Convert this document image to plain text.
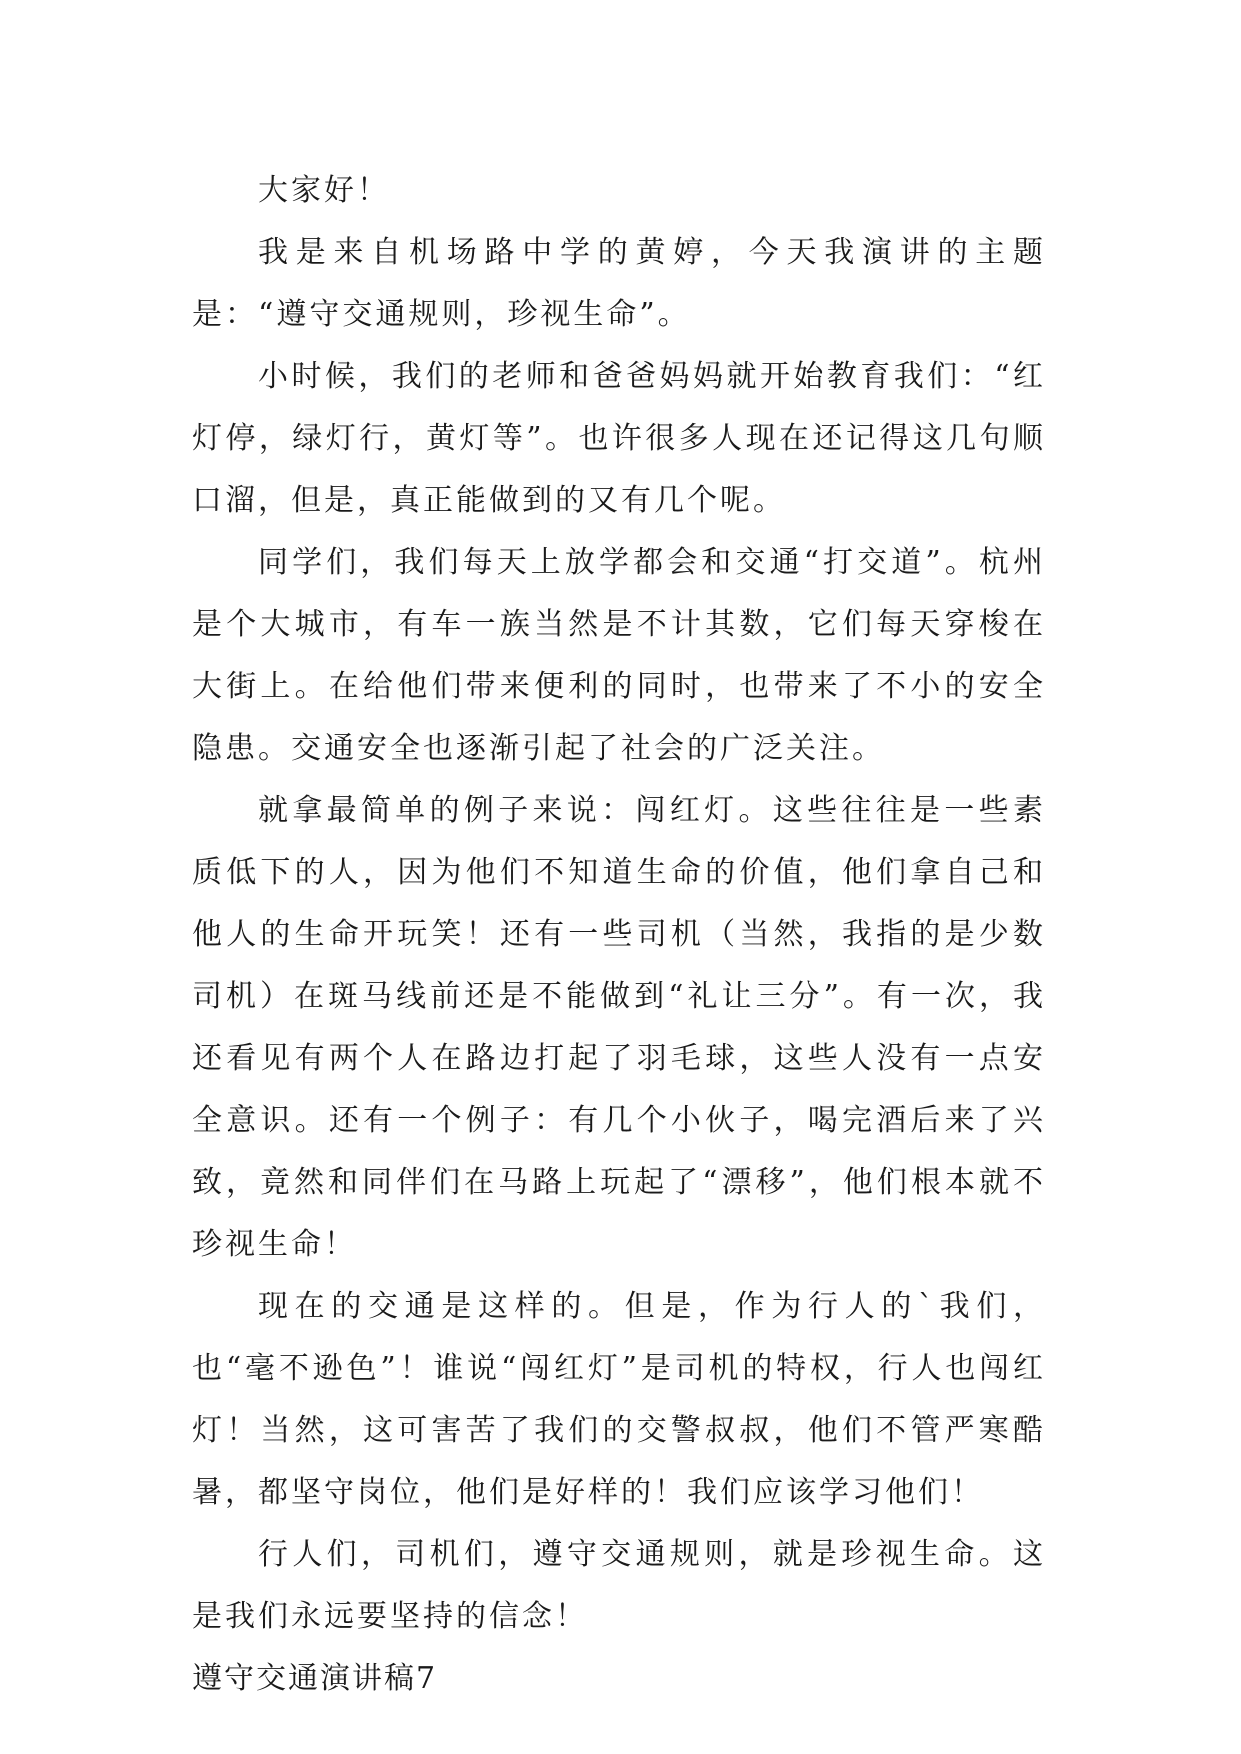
大家好！

我是来自机场路中学的黄婷，今天我演讲的主题是：“遵守交通规则，珍视生命”。

小时候，我们的老师和爸爸妈妈就开始教育我们：“红灯停，绿灯行，黄灯等”。也许很多人现在还记得这几句顺口溜，但是，真正能做到的又有几个呢。

同学们，我们每天上放学都会和交通“打交道”。杭州是个大城市，有车一族当然是不计其数，它们每天穿梭在大街上。在给他们带来便利的同时，也带来了不小的安全隐患。交通安全也逐渐引起了社会的广泛关注。

就拿最简单的例子来说：闯红灯。这些往往是一些素质低下的人，因为他们不知道生命的价值，他们拿自己和他人的生命开玩笑！还有一些司机（当然，我指的是少数司机）在斑马线前还是不能做到“礼让三分”。有一次，我还看见有两个人在路边打起了羽毛球，这些人没有一点安全意识。还有一个例子：有几个小伙子，喝完酒后来了兴致，竟然和同伴们在马路上玩起了“漂移”，他们根本就不珍视生命！

现在的交通是这样的。但是，作为行人的`我们，也“毫不逊色”！谁说“闯红灯”是司机的特权，行人也闯红灯！当然，这可害苦了我们的交警叔叔，他们不管严寒酷暑，都坚守岗位，他们是好样的！我们应该学习他们！

行人们，司机们，遵守交通规则，就是珍视生命。这是我们永远要坚持的信念！

遵守交通演讲稿7
